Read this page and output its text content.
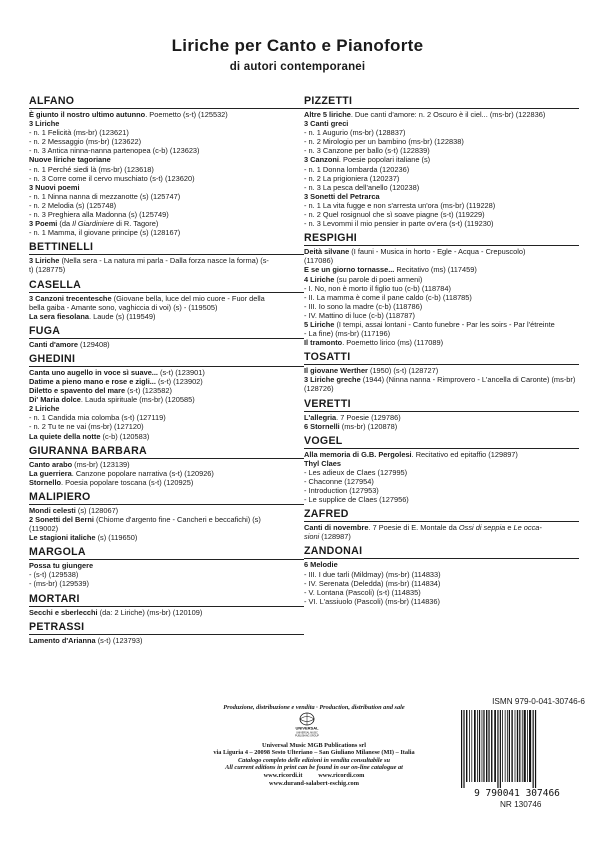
Liriche per Canto e Pianoforte
di autori contemporanei
ALFANO
È giunto il nostro ultimo autunno. Poemetto (s-t) (125532)
3 Liriche
- n. 1 Felicità (ms-br) (123621)
- n. 2 Messaggio (ms-br) (123622)
- n. 3 Antica ninna-nanna partenopea (c-b) (123623)
Nuove liriche tagoriane
- n. 1 Perché siedi là (ms-br) (123618)
- n. 3 Corre come il cervo muschiato (s-t) (123620)
3 Nuovi poemi
- n. 1 Ninna nanna di mezzanotte (s) (125747)
- n. 2 Melodia (s) (125748)
- n. 3 Preghiera alla Madonna (s) (125749)
3 Poemi (da Il Giardiniere di R. Tagore)
- n. 1 Mamma, il giovane principe (s) (128167)
BETTINELLI
3 Liriche (Nella sera - La natura mi parla - Dalla forza nasce la forma) (s-
t) (128775)
CASELLA
3 Canzoni trecentesche (Giovane bella, luce del mio cuore - Fuor della
bella gaiba - Amante sono, vaghiccia di voi) (s) - (119505)
La sera fiesolana. Laude (s) (119549)
FUGA
Canti d'amore (129408)
GHEDINI
Canta uno augello in voce sì suave... (s-t) (123901)
Datime a pieno mano e rose e zigli... (s-t) (123902)
Diletto e spavento del mare (s-t) (123582)
Di' Maria dolce. Lauda spirituale (ms-br) (120585)
2 Liriche
- n. 1 Candida mia colomba (s-t) (127119)
- n. 2 Tu te ne vai (ms-br) (127120)
La quiete della notte (c-b) (120583)
GIURANNA BARBARA
Canto arabo (ms-br) (123139)
La guerriera. Canzone popolare narrativa (s-t) (120926)
Stornello. Poesia popolare toscana (s-t) (120925)
MALIPIERO
Mondi celesti (s) (128067)
2 Sonetti del Berni (Chiome d'argento fine - Cancheri e beccafichi) (s)
(119002)
Le stagioni italiche (s) (119650)
MARGOLA
Possa tu giungere
- (s-t) (129538)
- (ms-br) (129539)
MORTARI
Secchi e sberlecchi (da: 2 Liriche) (ms-br) (120109)
PETRASSI
Lamento d'Arianna (s-t) (123793)
PIZZETTI
Altre 5 liriche. Due canti d'amore: n. 2 Oscuro è il ciel... (ms-br) (122836)
3 Canti greci
- n. 1 Augurio (ms-br) (128837)
- n. 2 Mirologio per un bambino (ms-br) (122838)
- n. 3 Canzone per ballo (s-t) (122839)
3 Canzoni. Poesie popolari italiane (s)
- n. 1 Donna lombarda (120236)
- n. 2 La prigioniera (120237)
- n. 3 La pesca dell'anello (120238)
3 Sonetti del Petrarca
- n. 1 La vita fugge e non s'arresta un'ora (ms-br) (119228)
- n. 2 Quel rosignuol che sì soave piagne (s-t) (119229)
- n. 3 Levommi il mio pensier in parte ov'era (s-t) (119230)
RESPIGHI
Deità silvane (I fauni - Musica in horto - Egle - Acqua - Crepuscolo)
(117086)
E se un giorno tornasse... Recitativo (ms) (117459)
4 Liriche (su parole di poeti armeni)
- I. No, non è morto il figlio tuo (c-b) (118784)
- II. La mamma è come il pane caldo (c-b) (118785)
- III. Io sono la madre (c-b) (118786)
- IV. Mattino di luce (c-b) (118787)
5 Liriche (I tempi, assai lontani - Canto funebre - Par les soirs - Par l'étreinte
- La fine) (ms-br) (117196)
Il tramonto. Poemetto lirico (ms) (117089)
TOSATTI
Il giovane Werther (1950) (s-t) (128727)
3 Liriche greche (1944) (Ninna nanna - Rimprovero - L'ancella di Caronte) (ms-br)
(128726)
VERETTI
L'allegria. 7 Poesie (129786)
6 Stornelli (ms-br) (120878)
VOGEL
Alla memoria di G.B. Pergolesi. Recitativo ed epitaffio (129897)
Thyl Claes
- Les adieux de Claes (127995)
- Chaconne (127954)
- Introduction (127953)
- Le supplice de Claes (127956)
ZAFRED
Canti di novembre. 7 Poesie di E. Montale da Ossi di seppia e Le occa-
sioni (128987)
ZANDONAI
6 Melodie
- III. I due tarli (Mildmay) (ms-br) (114833)
- IV. Serenata (Deledda) (ms-br) (114834)
- V. Lontana (Pascoli) (s-t) (114835)
- VI. L'assiuolo (Pascoli) (ms-br) (114836)
Produzione, distribuzione e vendita · Production, distribution and sale
Universal Music MGB Publications srl
via Liguria 4 – 20098 Sesto Ulteriano – San Giuliano Milanese (MI) – Italia
Catalogo completo delle edizioni in vendita consultabile su
All current editions in print can be found in our on-line catalogue at
www.ricordi.it          www.ricordi.com
www.durand-salabert-eschig.com
UNIVERSAL
UNIVERSAL MUSIC
PUBLISHING GROUP
ISMN 979-0-041-30746-6
9 790041 307466
NR 130746
